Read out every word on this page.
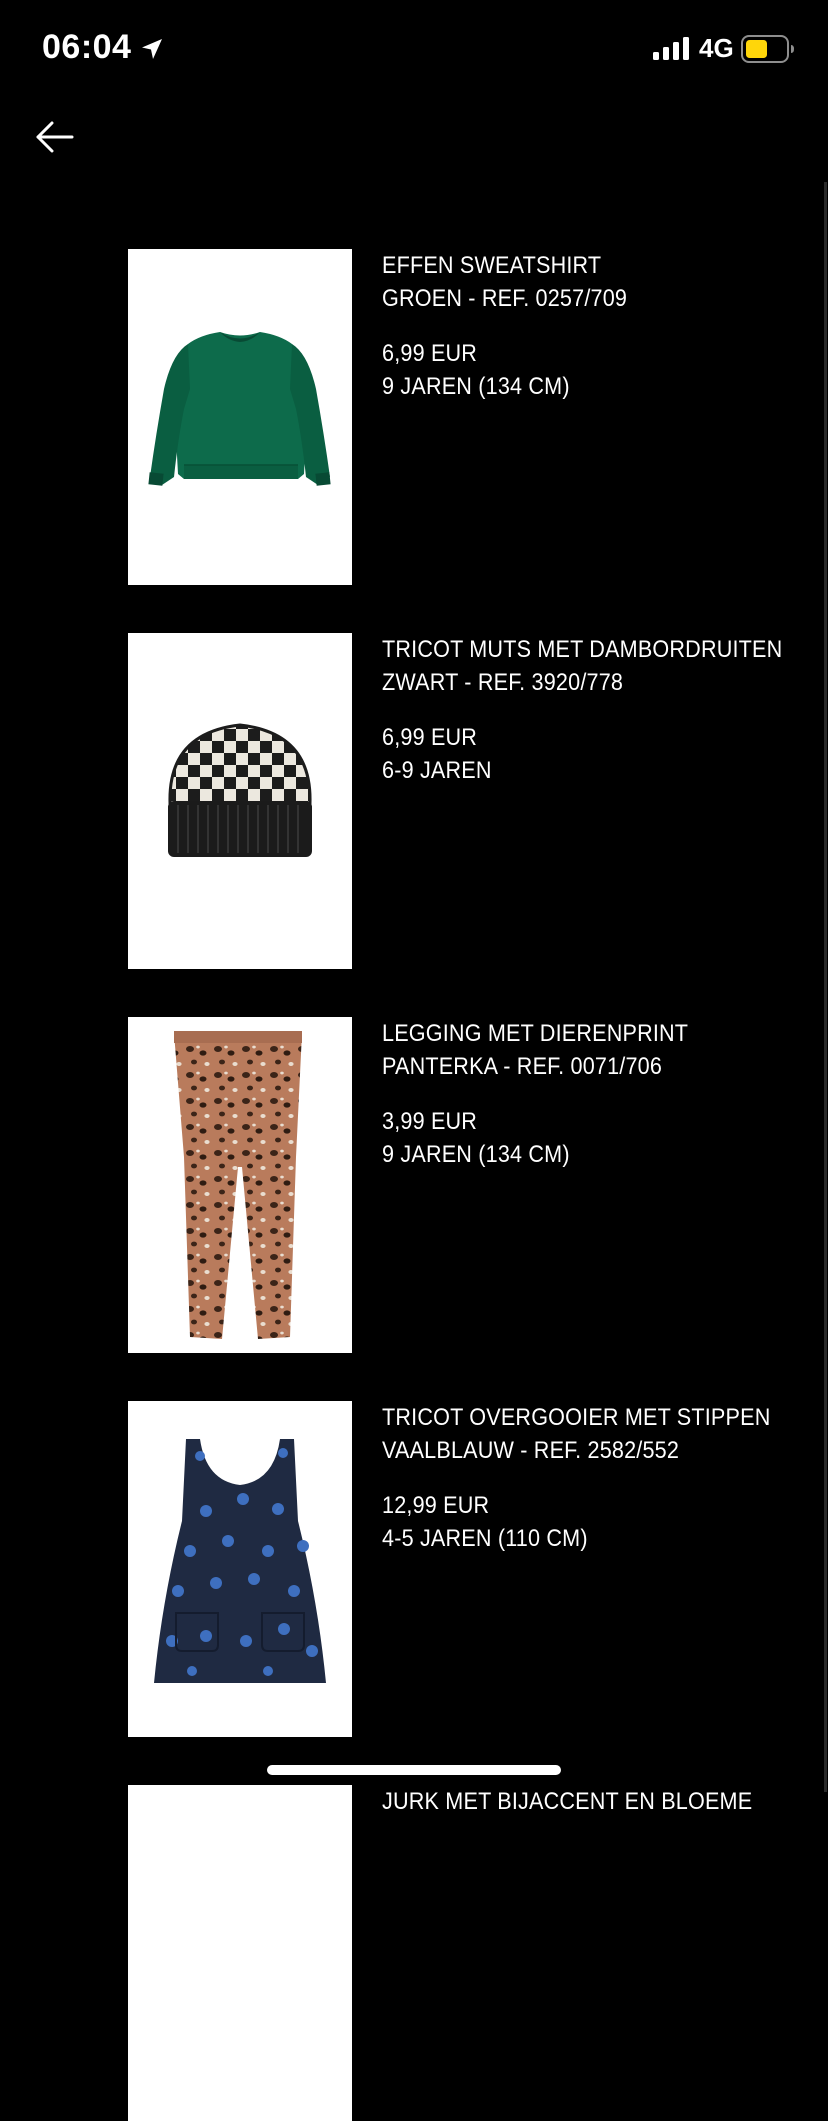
06:04	4G
EFFEN SWEATSHIRT
GROEN - REF. 0257/709
6,99 EUR
9 JAREN (134 CM)
TRICOT MUTS MET DAMBORDRUITEN
ZWART - REF. 3920/778
6,99 EUR
6-9 JAREN
LEGGING MET DIERENPRINT
PANTERKA - REF. 0071/706
3,99 EUR
9 JAREN (134 CM)
TRICOT OVERGOOIER MET STIPPEN
VAALBLAUW - REF. 2582/552
12,99 EUR
4-5 JAREN (110 CM)
JURK MET BIJACCENT EN BLOEME
